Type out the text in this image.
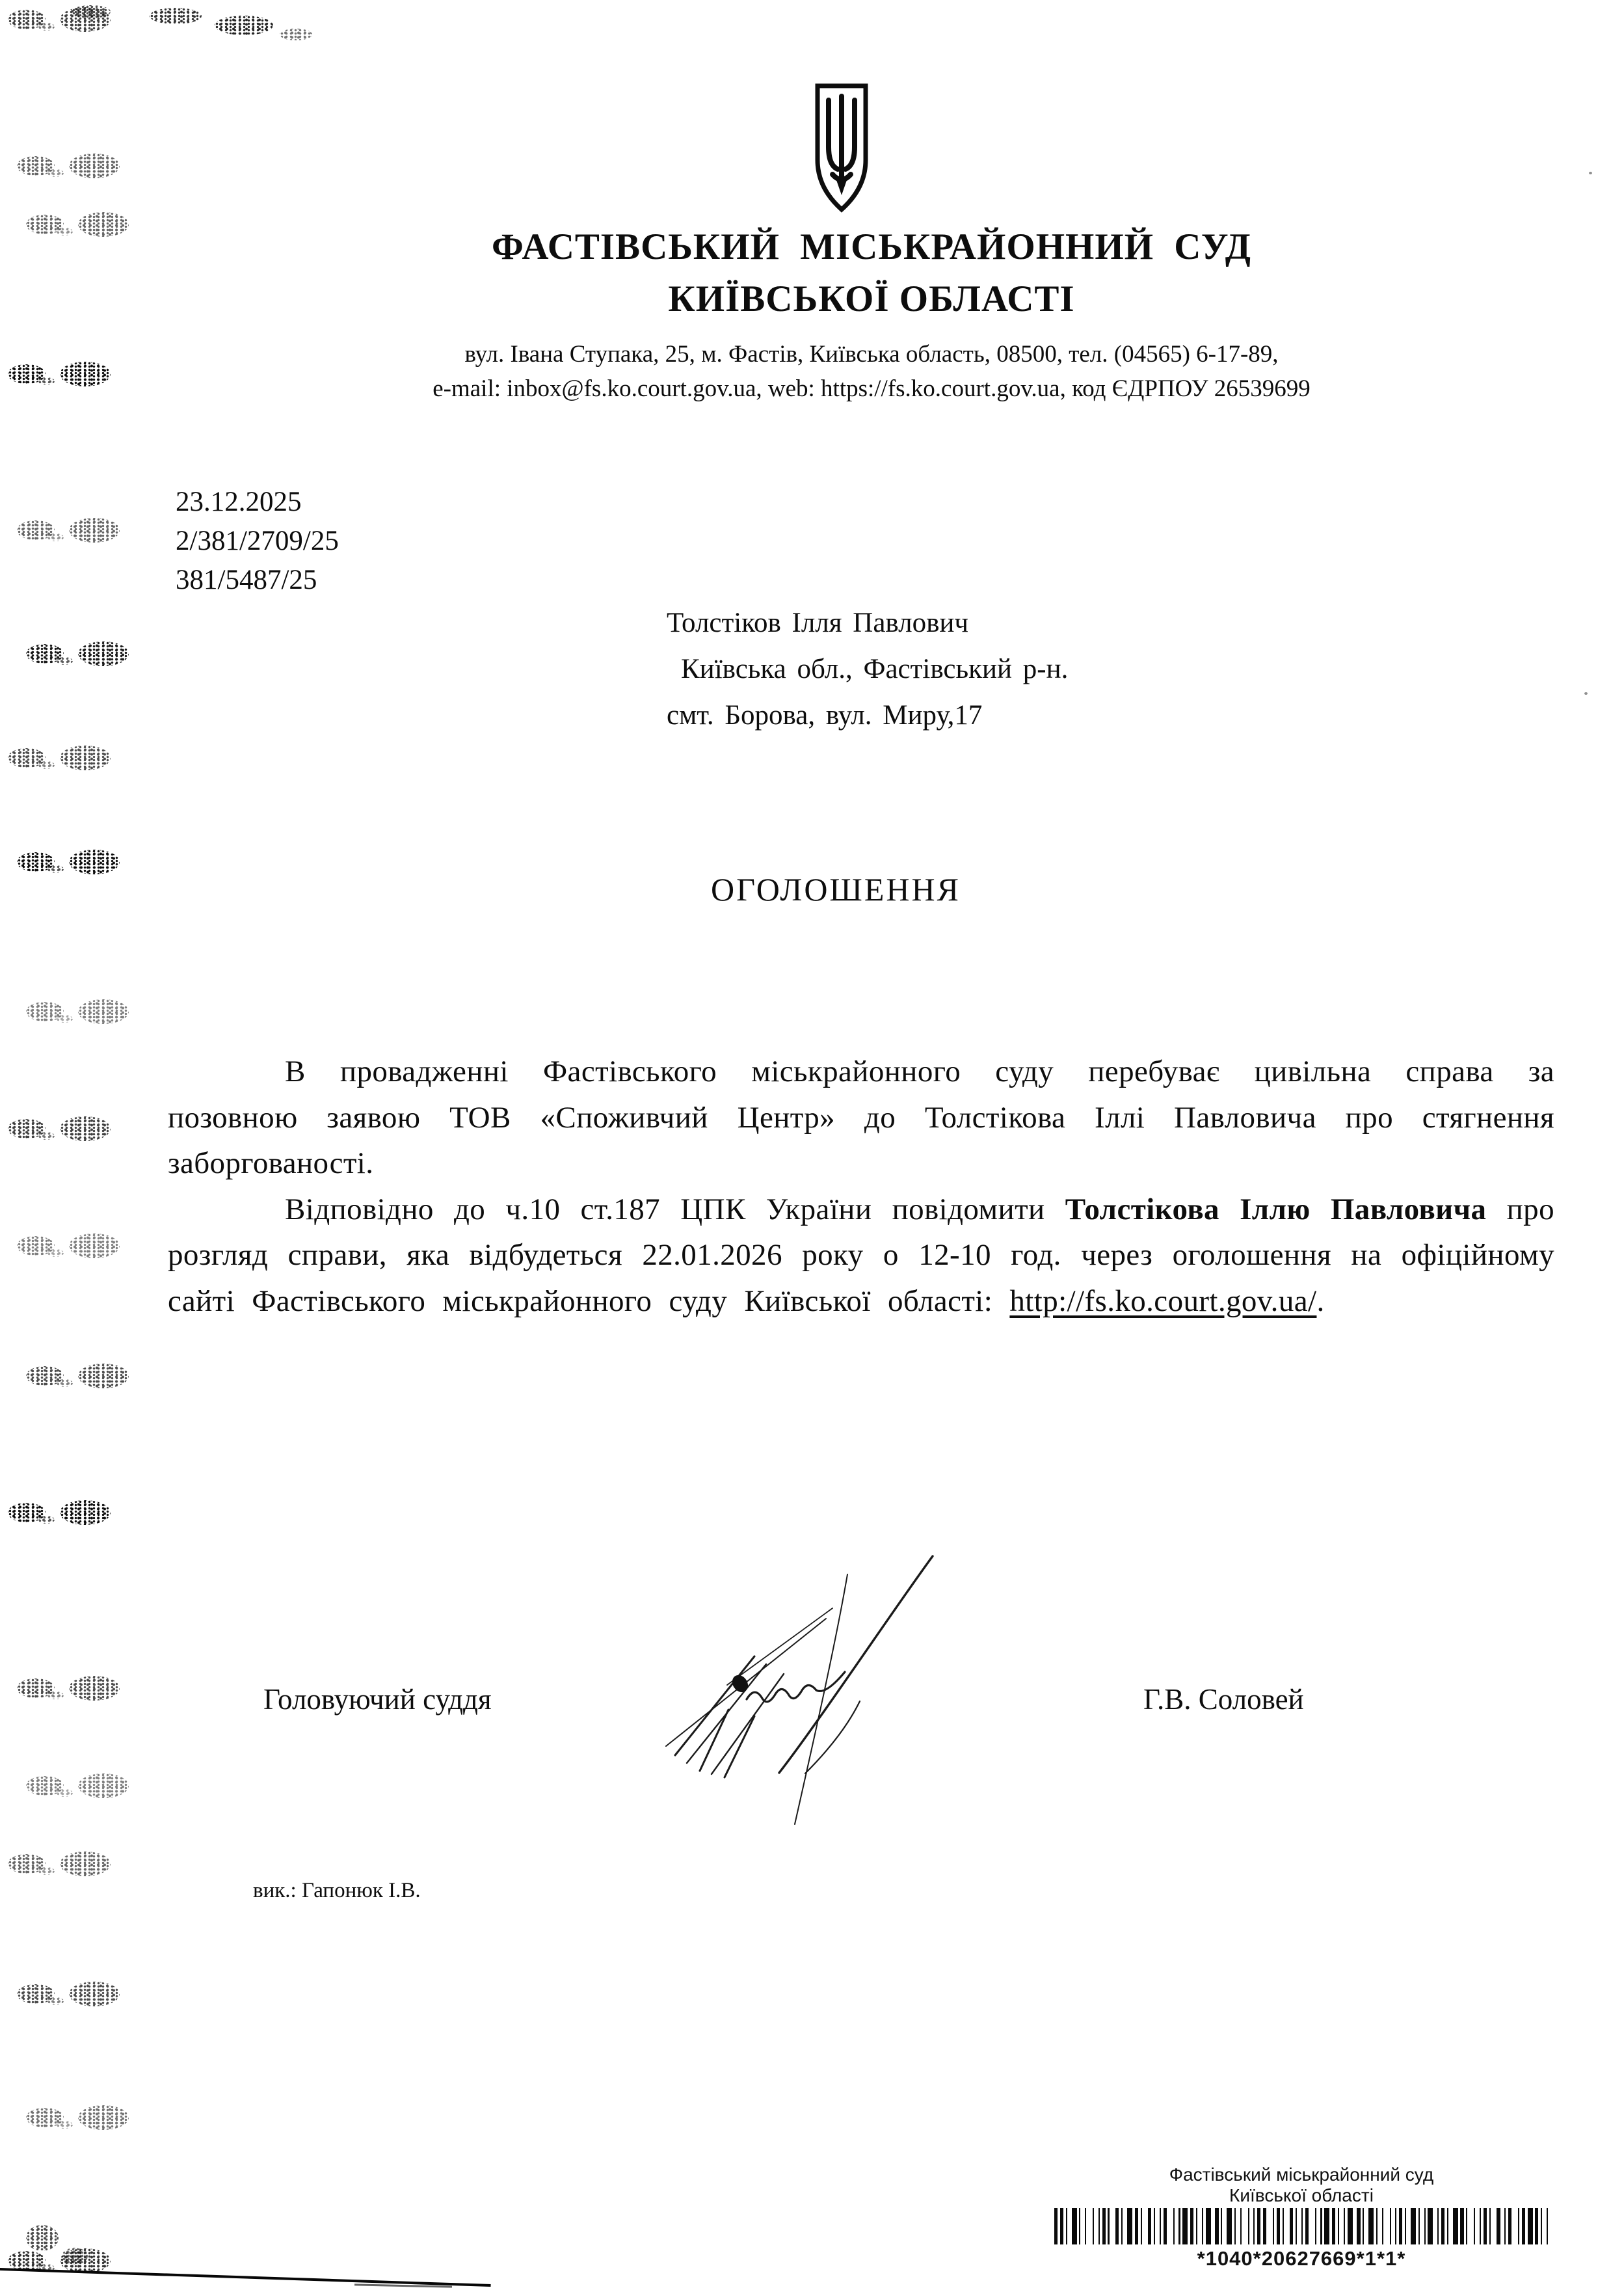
ФАСТІВСЬКИЙ МІСЬКРАЙОННИЙ СУД
КИЇВСЬКОЇ ОБЛАСТІ
вул. Івана Ступака, 25, м. Фастів, Київська область, 08500, тел. (04565) 6-17-89,
e-mail: inbox@fs.ko.court.gov.ua, web: https://fs.ko.court.gov.ua, код ЄДРПОУ 26539699
23.12.2025
2/381/2709/25
381/5487/25
Толстіков Ілля Павлович
Київська обл., Фастівський р-н.
смт. Борова, вул. Миру,17
ОГОЛОШЕННЯ

В провадженні Фастівського міськрайонного суду перебуває цивільна справа за позовною заявою ТОВ «Споживчий Центр» до Толстікова Іллі Павловича про стягнення заборгованості.

Відповідно до ч.10 ст.187 ЦПК України повідомити Толстікова Іллю Павловича про розгляд справи, яка відбудеться 22.01.2026 року о 12-10 год. через оголошення на офіційному сайті Фастівського міськрайонного суду Київської області: http://fs.ko.court.gov.ua/.

Головуючий суддя	Г.В. Соловей
вик.: Гапонюк І.В.
Фастівський міськрайонний суд
Київської області
*1040*20627669*1*1*
